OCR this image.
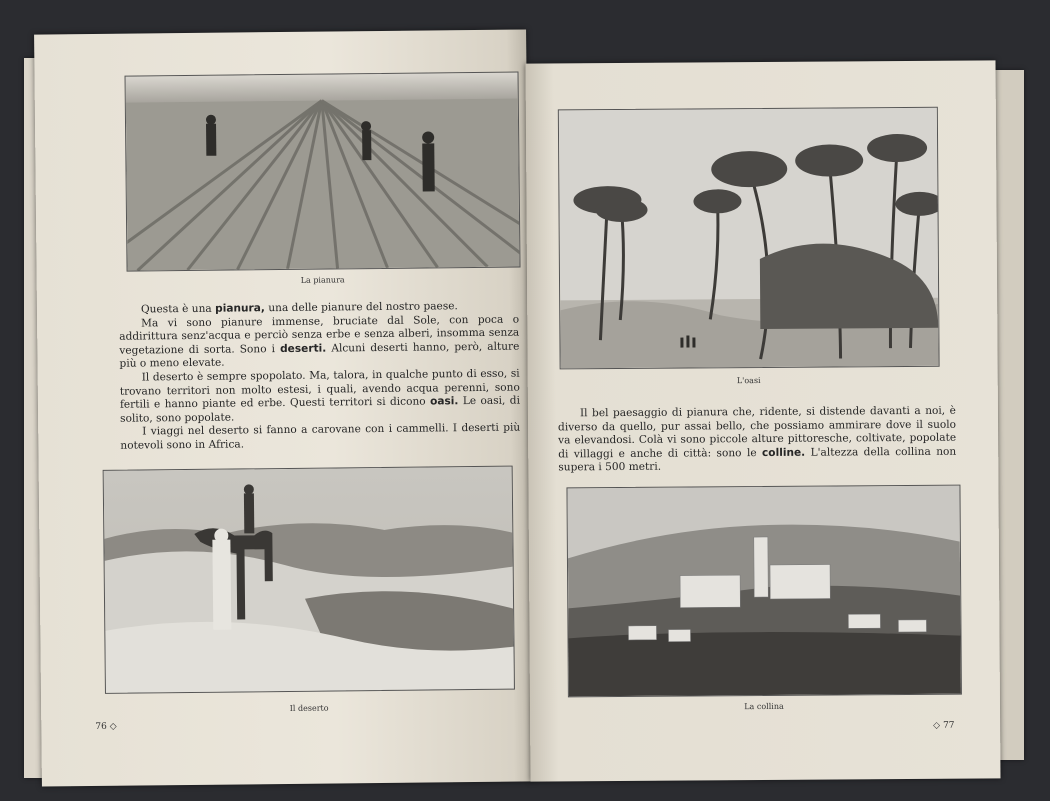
La pianura

Questa è una pianura, una delle pianure del nostro paese.

Ma vi sono pianure immense, bruciate dal Sole, con poca o addirittura senz'acqua e perciò senza erbe e senza alberi, insomma senza vegetazione di sorta. Sono i deserti. Alcuni deserti hanno, però, alture più o meno elevate.

Il deserto è sempre spopolato. Ma, talora, in qualche punto di esso, si trovano territori non molto estesi, i quali, avendo acqua perenni, sono fertili e hanno piante ed erbe. Questi territori si dicono oasi. Le oasi, di solito, sono popolate.

I viaggi nel deserto si fanno a carovane con i cammelli. I deserti più notevoli sono in Africa.

Il deserto
76 ◇
L'oasi

Il bel paesaggio di pianura che, ridente, si distende davanti a noi, è diverso da quello, pur assai bello, che possiamo ammirare dove il suolo va elevandosi. Colà vi sono piccole alture pittoresche, coltivate, popolate di villaggi e anche di città: sono le colline. L'altezza della collina non supera i 500 metri.

La collina
◇ 77
